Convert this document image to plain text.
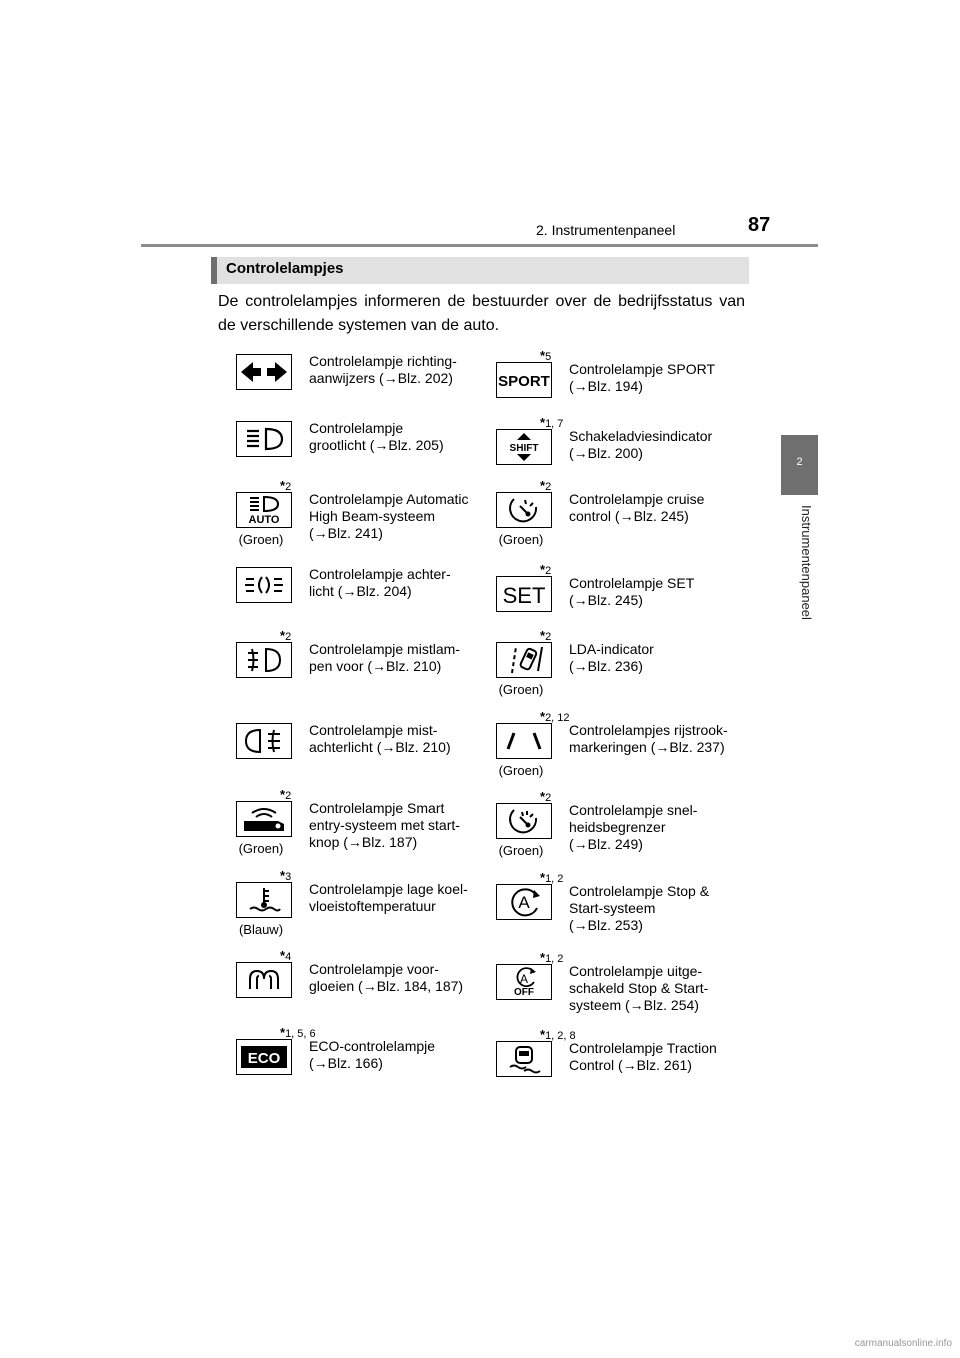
2. Instrumentenpaneel	87
2
Instrumentenpaneel
Controlelampjes
De controlelampjes informeren de bestuurder over de bedrijfsstatus van de verschillende systemen van de auto.
Controlelampje richting-
aanwijzers (→Blz. 202)
Controlelampje
grootlicht (→Blz. 205)
AUTO
*2
(Groen)
Controlelampje Automatic
High Beam-systeem
(→Blz. 241)
Controlelampje achter-
licht (→Blz. 204)
*2
Controlelampje mistlam-
pen voor (→Blz. 210)
Controlelampje mist-
achterlicht (→Blz. 210)
*2
(Groen)
Controlelampje Smart
entry-systeem met start-
knop (→Blz. 187)
*3
(Blauw)
Controlelampje lage koel-
vloeistoftemperatuur
*4
Controlelampje voor-
gloeien (→Blz. 184, 187)
ECO
*1, 5, 6
ECO-controlelampje
(→Blz. 166)
SPORT
*5
Controlelampje SPORT
(→Blz. 194)
SHIFT
*1, 7
Schakeladviesindicator
(→Blz. 200)
*2
(Groen)
Controlelampje cruise
control (→Blz. 245)
SET
*2
Controlelampje SET
(→Blz. 245)
*2
(Groen)
LDA-indicator
(→Blz. 236)
*2, 12
(Groen)
Controlelampjes rijstrook-
markeringen (→Blz. 237)
*2
(Groen)
Controlelampje snel-
heidsbegrenzer
(→Blz. 249)
A
*1, 2
Controlelampje Stop &
Start-systeem
(→Blz. 253)
A
OFF
*1, 2
Controlelampje uitge-
schakeld Stop & Start-
systeem (→Blz. 254)
*1, 2, 8
Controlelampje Traction
Control (→Blz. 261)
carmanualsonline.info
